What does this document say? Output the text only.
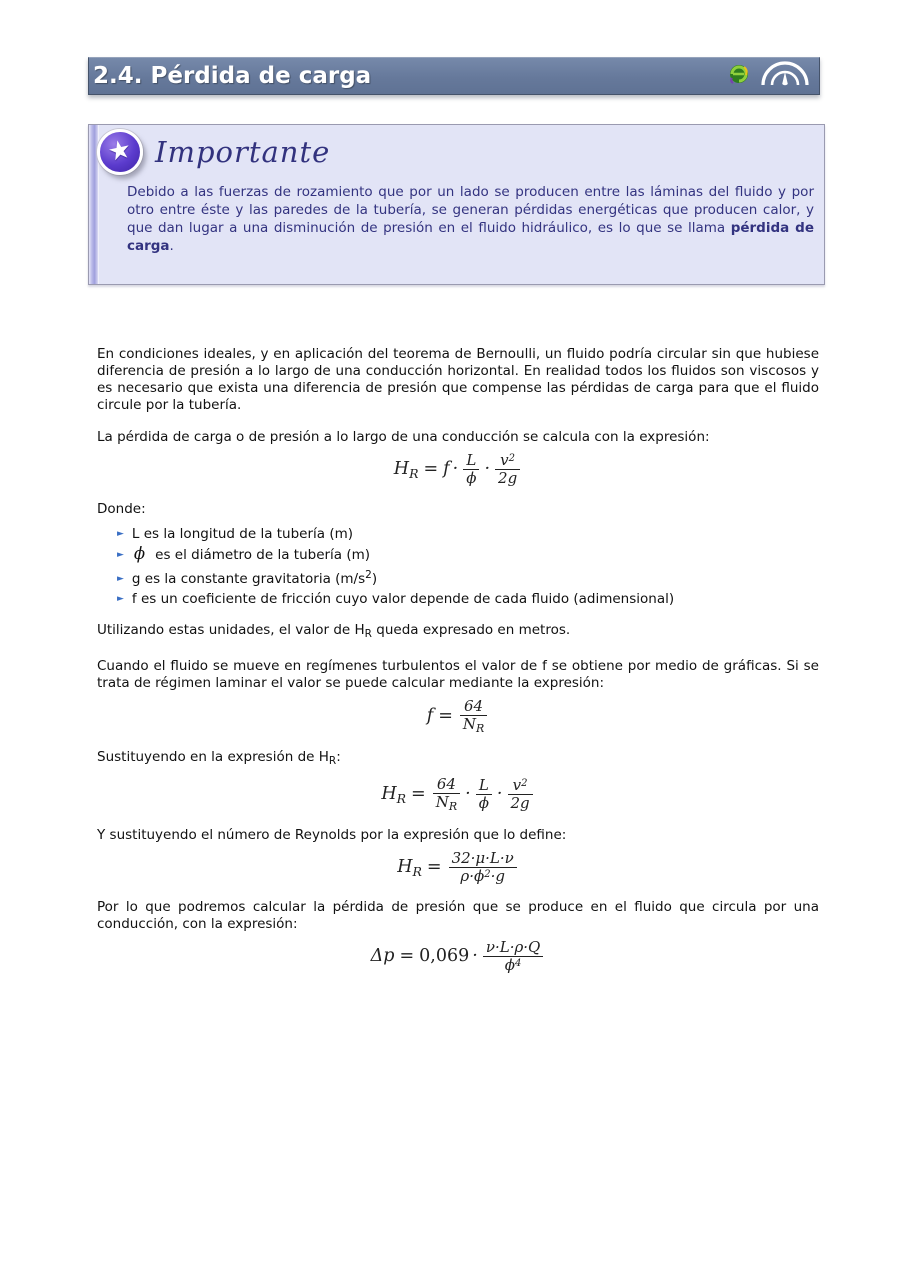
2.4. Pérdida de carga
★ Importante
Debido a las fuerzas de rozamiento que por un lado se producen entre las láminas del fluido y por otro entre éste y las paredes de la tubería, se generan pérdidas energéticas que producen calor, y que dan lugar a una disminución de presión en el fluido hidráulico, es lo que se llama pérdida de carga.

En condiciones ideales, y en aplicación del teorema de Bernoulli, un fluido podría circular sin que hubiese diferencia de presión a lo largo de una conducción horizontal. En realidad todos los fluidos son viscosos y es necesario que exista una diferencia de presión que compense las pérdidas de carga para que el fluido circule por la tubería.

La pérdida de carga o de presión a lo largo de una conducción se calcula con la expresión:

$H_R = f \cdot \frac{L}{\phi} \cdot \frac{v^2}{2g}$

Donde:

► L es la longitud de la tubería (m)
► ϕ es el diámetro de la tubería (m)
► g es la constante gravitatoria $(m/s^2)$
► f es un coeficiente de fricción cuyo valor depende de cada fluido (adimensional)

Utilizando estas unidades, el valor de $H_R$ queda expresado en metros.

Cuando el fluido se mueve en regímenes turbulentos el valor de f se obtiene por medio de gráficas. Si se trata de régimen laminar el valor se puede calcular mediante la expresión:

$f = \frac{64}{N_R}$

Sustituyendo en la expresión de $H_R$:

$H_R = \frac{64}{N_R} \cdot \frac{L}{\phi} \cdot \frac{v^2}{2g}$

Y sustituyendo el número de Reynolds por la expresión que lo define:

$H_R = \frac{32\cdot\mu\cdot L\cdot\nu}{\rho\cdot\phi^2\cdot g}$

Por lo que podremos calcular la pérdida de presión que se produce en el fluido que circula por una conducción, con la expresión:

$\Delta p = 0,069 \cdot \frac{\nu\cdot L\cdot\rho\cdot Q}{\phi^4}$
